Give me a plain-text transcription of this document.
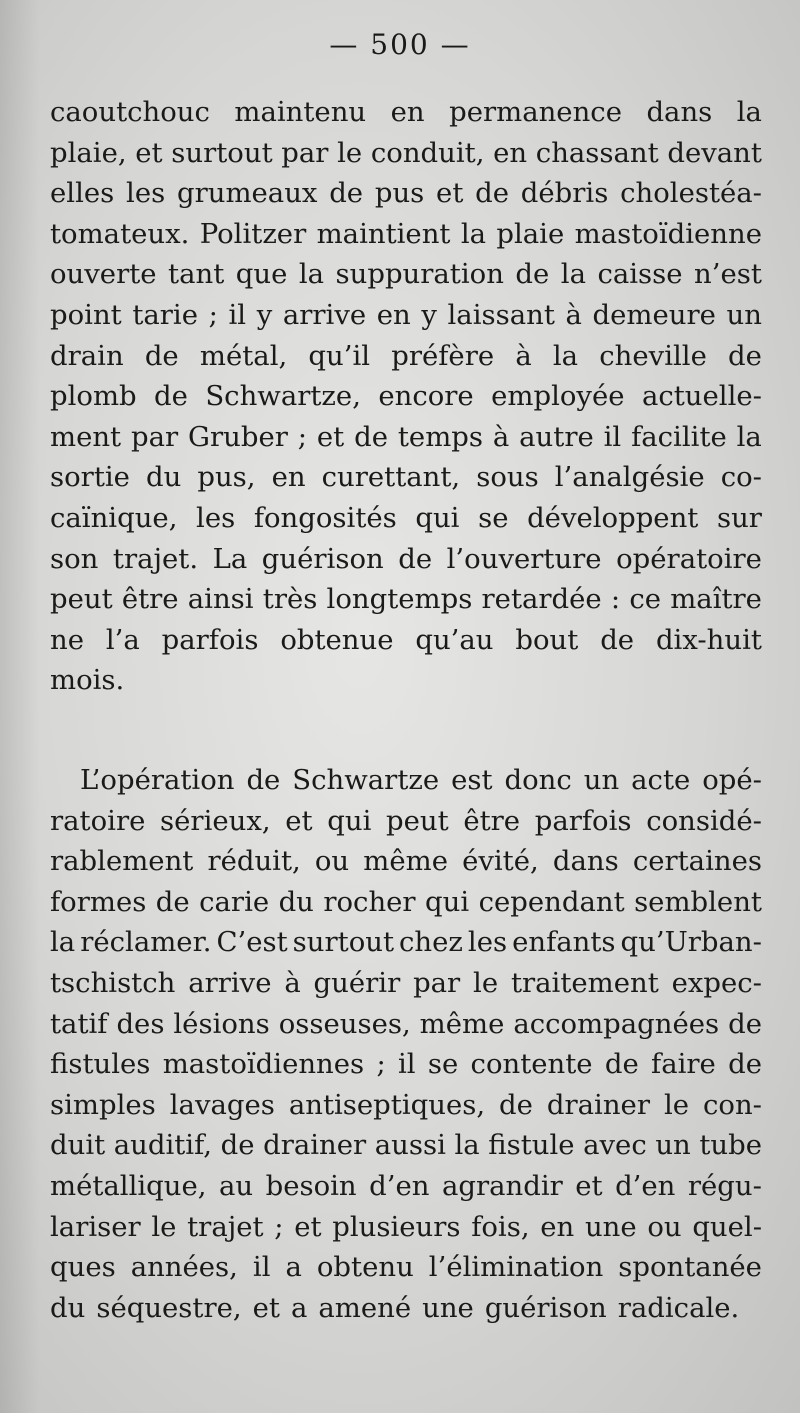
— 500 —
caoutchouc maintenu en permanence dans la
plaie, et surtout par le conduit, en chassant devant
elles les grumeaux de pus et de débris cholestéa-
tomateux. Politzer maintient la plaie mastoïdienne
ouverte tant que la suppuration de la caisse n’est
point tarie ; il y arrive en y laissant à demeure un
drain de métal, qu’il préfère à la cheville de
plomb de Schwartze, encore employée actuelle-
ment par Gruber ; et de temps à autre il facilite la
sortie du pus, en curettant, sous l’analgésie co-
caïnique, les fongosités qui se développent sur
son trajet. La guérison de l’ouverture opératoire
peut être ainsi très longtemps retardée : ce maître
ne l’a parfois obtenue qu’au bout de dix-huit
mois.
L’opération de Schwartze est donc un acte opé-
ratoire sérieux, et qui peut être parfois considé-
rablement réduit, ou même évité, dans certaines
formes de carie du rocher qui cependant semblent
la réclamer. C’est surtout chez les enfants qu’Urban-
tschistch arrive à guérir par le traitement expec-
tatif des lésions osseuses, même accompagnées de
fistules mastoïdiennes ; il se contente de faire de
simples lavages antiseptiques, de drainer le con-
duit auditif, de drainer aussi la fistule avec un tube
métallique, au besoin d’en agrandir et d’en régu-
lariser le trajet ; et plusieurs fois, en une ou quel-
ques années, il a obtenu l’élimination spontanée
du séquestre, et a amené une guérison radicale.
